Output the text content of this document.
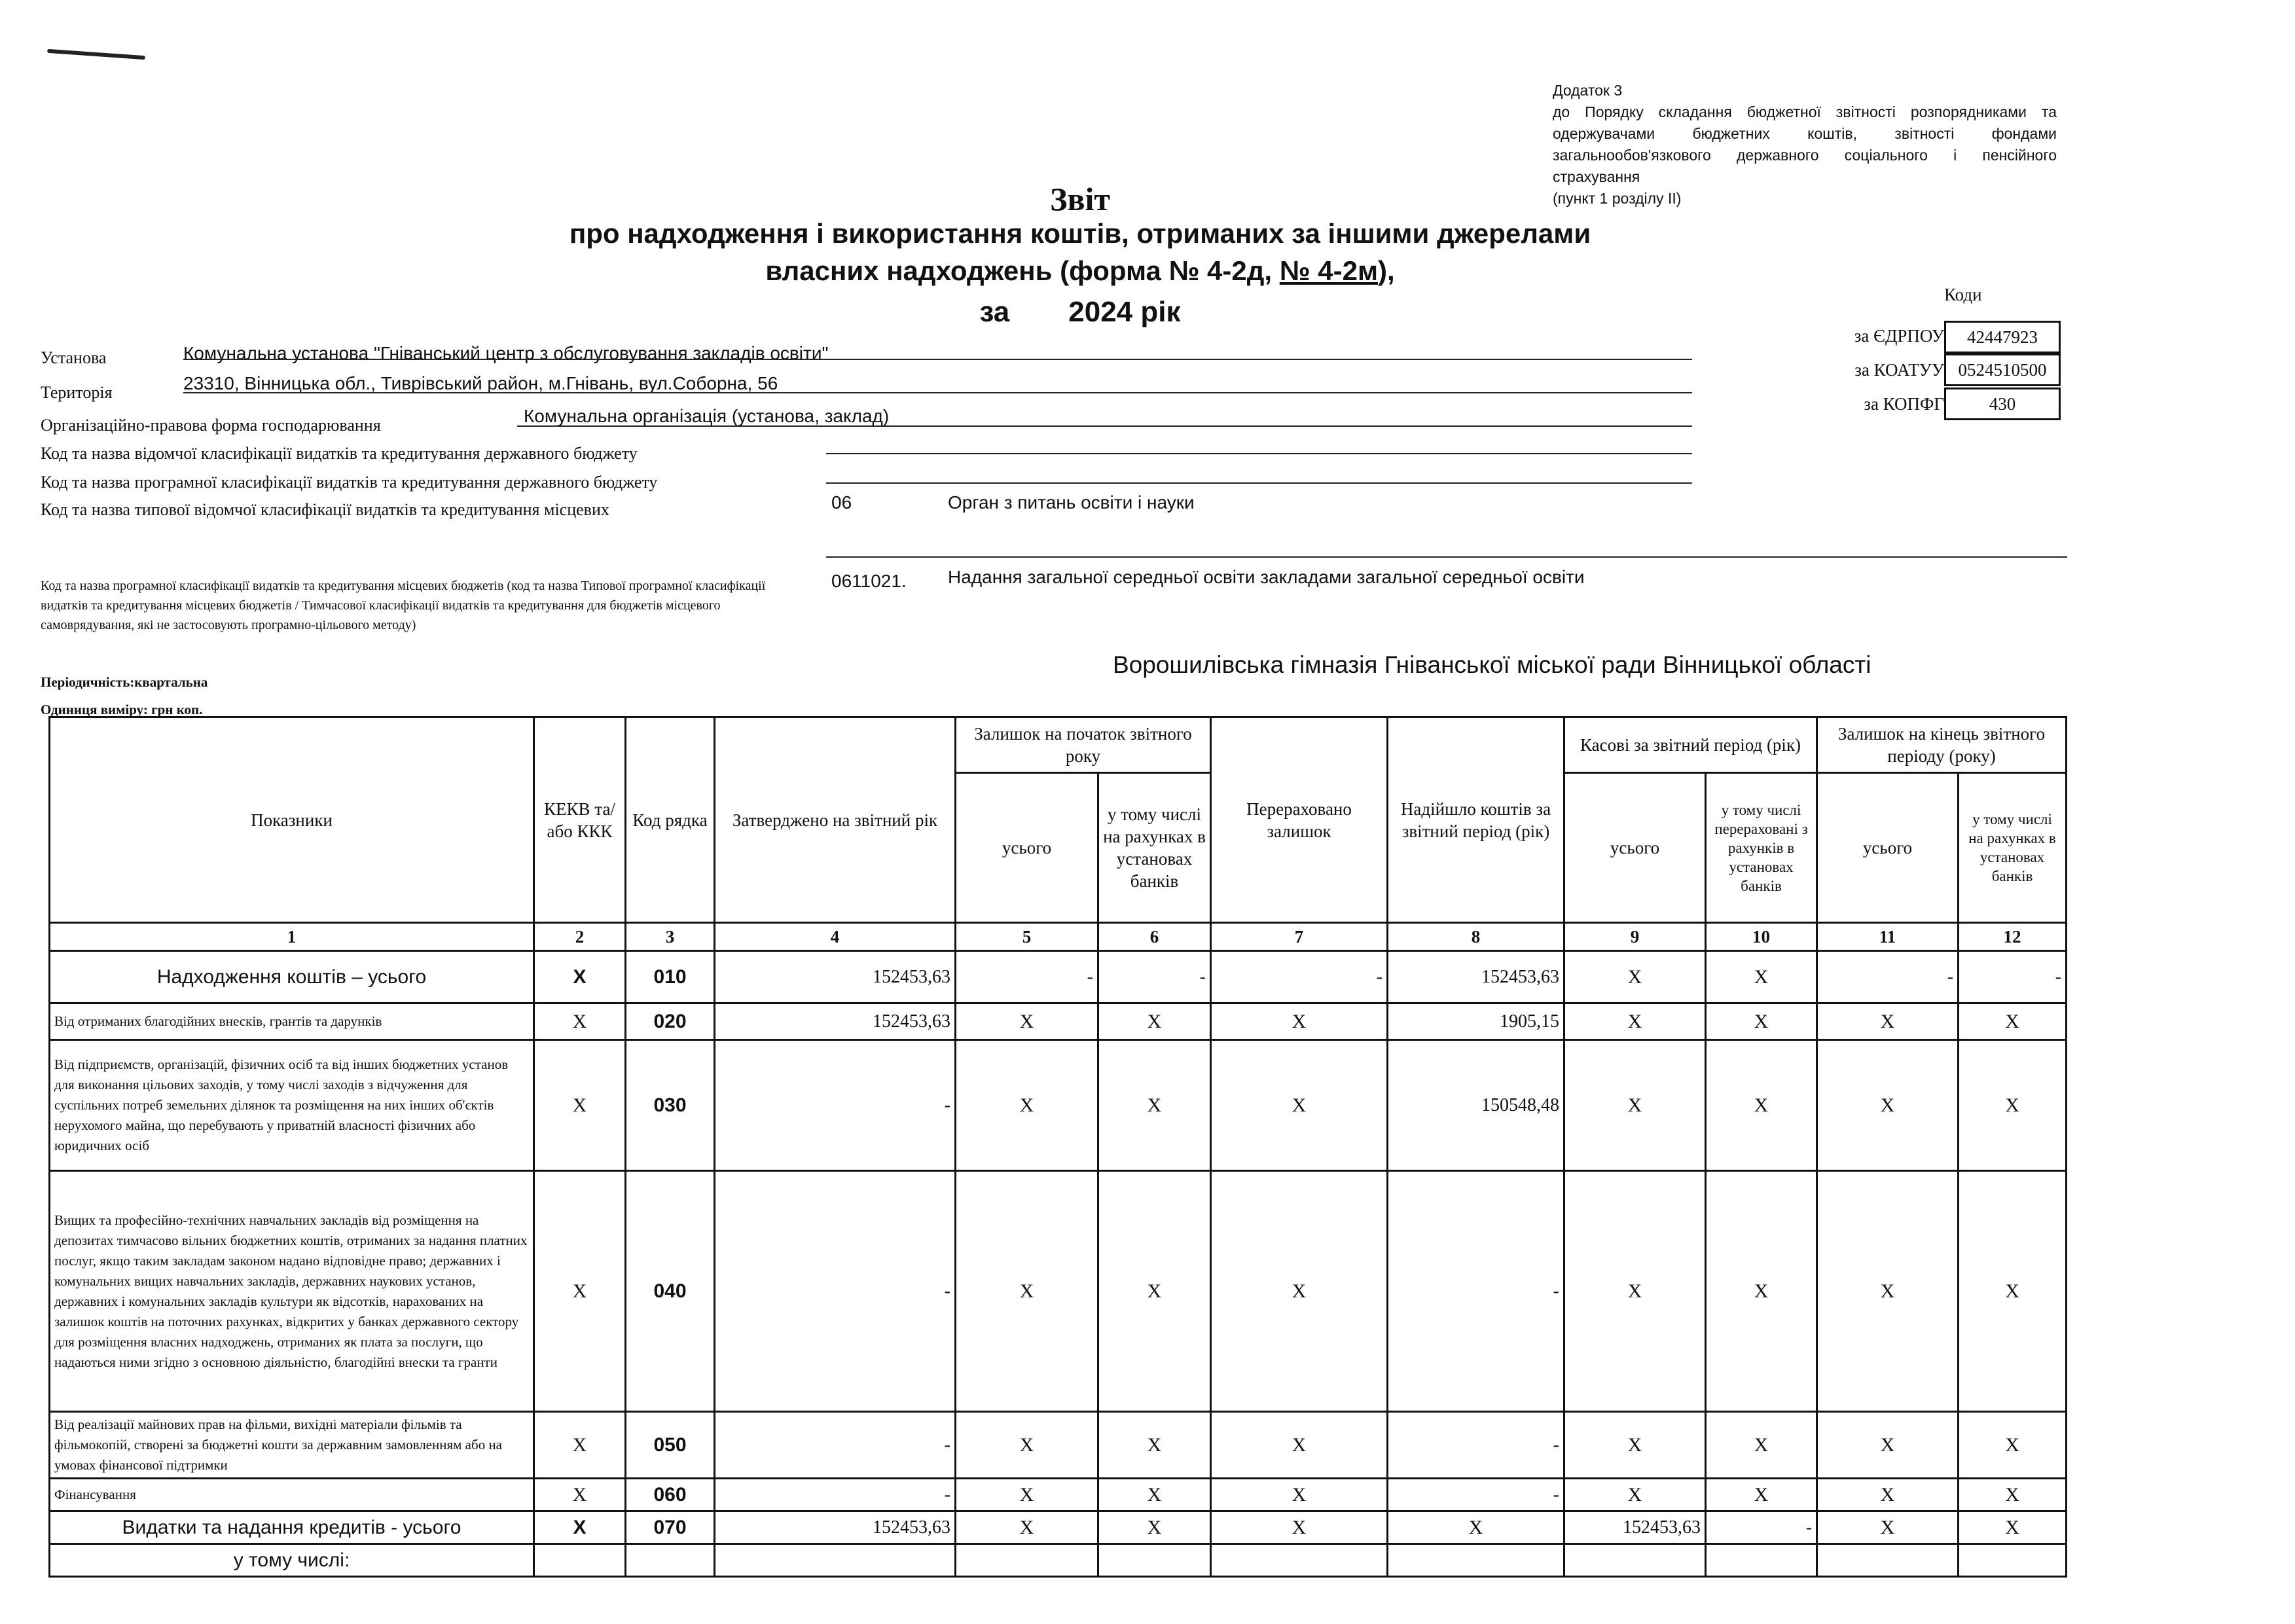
Додаток 3
до Порядку складання бюджетної звітності розпорядниками та одержувачами бюджетних коштів, звітності фондами загальнообов'язкового державного соціального і пенсійного страхування
(пункт 1 розділу ІІ)
Звіт
про надходження і використання коштів, отриманих за іншими джерелами
власних надходжень (форма № 4-2д, № 4-2м),
за 2024 рік
Коди
за ЄДРПОУ	42447923
за КОАТУУ 0524510500
за КОПФГ	430
Установа	Комунальна установа "Гніванський центр з обслуговування закладів освіти"
Територія	23310, Вінницька обл., Тиврівський район, м.Гнівань, вул.Соборна, 56
Організаційно-правова форма господарювання	Комунальна організація (установа, заклад)
Код та назва відомчої класифікації видатків та кредитування державного бюджету
Код та назва програмної класифікації видатків та кредитування державного бюджету
Код та назва типової відомчої класифікації видатків та кредитування місцевих	06	Орган з питань освіти і науки
Код та назва програмної класифікації видатків та кредитування місцевих бюджетів (код та назва Типової програмної класифікації видатків та кредитування місцевих бюджетів / Тимчасової класифікації видатків та кредитування для бюджетів місцевого самоврядування, які не застосовують програмно-цільового методу)
0611021. Надання загальної середньої освіти закладами загальної середньої освіти
Періодичність:квартальна
Одиниця виміру: грн коп.
Ворошилівська гімназія Гніванської міської ради Вінницької області
Показники	КЕКВ та/або ККК	Код рядка	Затверджено на звітний рік	Залишок на початок звітного року		Перераховано залишок	Надійшло коштів за звітний період (рік)	Касові за звітний період (рік)		Залишок на кінець звітного періоду (року)	
				усього	у тому числі на рахунках в установах банків			усього	у тому числі перераховані з рахунків в установах банків	усього	у тому числі на рахунках в установах банків
1	2	3	4	5	6	7	8	9	10	11	12
Надходження коштів – усього	X	010	152453,63	-	-	-	152453,63	X	X	-	-
Від отриманих благодійних внесків, грантів та дарунків	X	020	152453,63	X	X	X	1905,15	X	X	X	X
Від підприємств, організацій, фізичних осіб та від інших бюджетних установ для виконання цільових заходів, у тому числі заходів з відчуження для суспільних потреб земельних ділянок та розміщення на них інших об'єктів нерухомого майна, що перебувають у приватній власності фізичних або юридичних осіб	X	030	-	X	X	X	150548,48	X	X	X	X
Вищих та професійно-технічних навчальних закладів від розміщення на депозитах тимчасово вільних бюджетних коштів, отриманих за надання платних послуг, якщо таким закладам законом надано відповідне право; державних і комунальних вищих навчальних закладів, державних наукових установ, державних і комунальних закладів культури як відсотків, нарахованих на залишок коштів на поточних рахунках, відкритих у банках державного сектору для розміщення власних надходжень, отриманих як плата за послуги, що надаються ними згідно з основною діяльністю, благодійні внески та гранти	X	040	-	X	X	X	-	X	X	X	X
Від реалізації майнових прав на фільми, вихідні матеріали фільмів та фільмокопій, створені за бюджетні кошти за державним замовленням або на умовах фінансової підтримки	X	050	-	X	X	X	-	X	X	X	X
Фінансування	X	060	-	X	X	X	-	X	X	X	X
Видатки та надання кредитів - усього	X	070	152453,63	X	X	X	X	152453,63	-	X	X
у тому числі:											
